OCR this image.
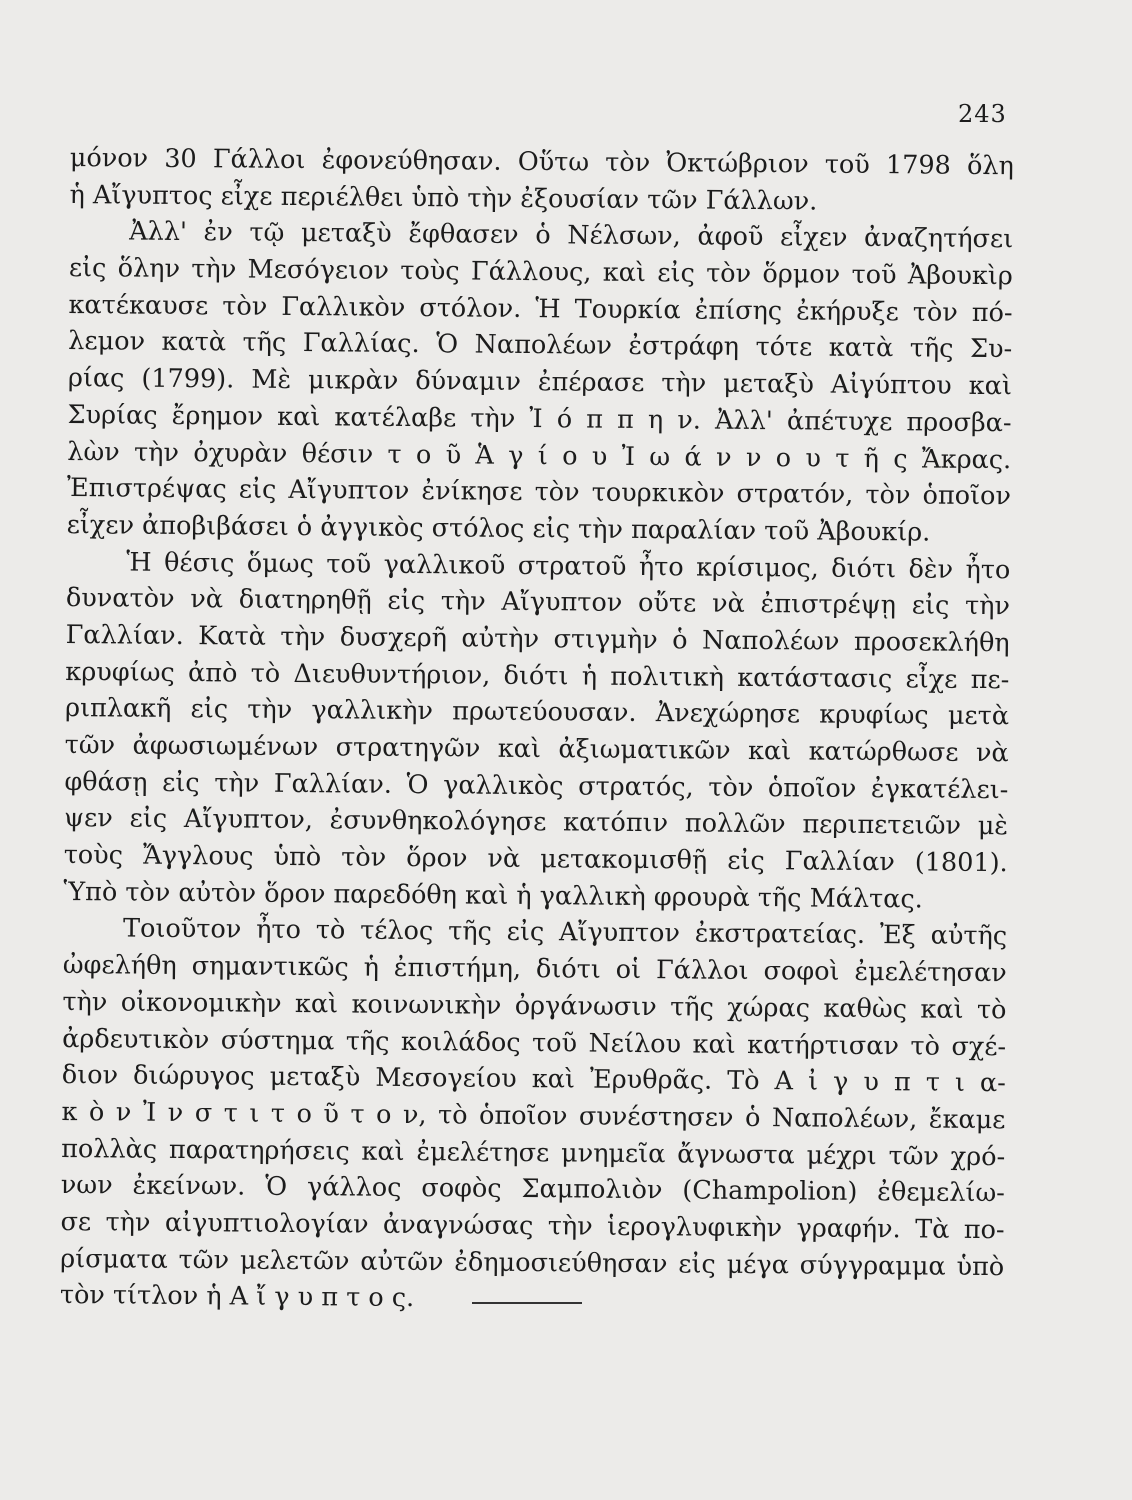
243
μόνον 30 Γάλλοι ἐφονεύθησαν. Οὕτω τὸν Ὀκτώβριον τοῦ 1798 ὅλη
ἡ Αἴγυπτος εἶχε περιέλθει ὑπὸ τὴν ἐξουσίαν τῶν Γάλλων.
Ἀλλ' ἐν τῷ μεταξὺ ἔφθασεν ὁ Νέλσων, ἀφοῦ εἶχεν ἀναζητήσει
εἰς ὅλην τὴν Μεσόγειον τοὺς Γάλλους, καὶ εἰς τὸν ὅρμον τοῦ Ἀβουκὶρ
κατέκαυσε τὸν Γαλλικὸν στόλον. Ἡ Τουρκία ἐπίσης ἐκήρυξε τὸν πό-
λεμον κατὰ τῆς Γαλλίας. Ὁ Ναπολέων ἐστράφη τότε κατὰ τῆς Συ-
ρίας (1799). Μὲ μικρὰν δύναμιν ἐπέρασε τὴν μεταξὺ Αἰγύπτου καὶ
Συρίας ἔρημον καὶ κατέλαβε τὴν Ἰ ό π π η ν. Ἀλλ' ἀπέτυχε προσβα-
λὼν τὴν ὀχυρὰν θέσιν τ ο ῦ Ἁ γ ί ο υ Ἰ ω ά ν ν ο υ τ ῆ ς Ἄκρας.
Ἐπιστρέψας εἰς Αἴγυπτον ἐνίκησε τὸν τουρκικὸν στρατόν, τὸν ὁποῖον
εἶχεν ἀποβιβάσει ὁ ἀγγικὸς στόλος εἰς τὴν παραλίαν τοῦ Ἀβουκίρ.
Ἡ θέσις ὅμως τοῦ γαλλικοῦ στρατοῦ ἦτο κρίσιμος, διότι δὲν ἦτο
δυνατὸν νὰ διατηρηθῇ εἰς τὴν Αἴγυπτον οὔτε νὰ ἐπιστρέψῃ εἰς τὴν
Γαλλίαν. Κατὰ τὴν δυσχερῆ αὐτὴν στιγμὴν ὁ Ναπολέων προσεκλήθη
κρυφίως ἀπὸ τὸ Διευθυντήριον, διότι ἡ πολιτικὴ κατάστασις εἶχε πε-
ριπλακῆ εἰς τὴν γαλλικὴν πρωτεύουσαν. Ἀνεχώρησε κρυφίως μετὰ
τῶν ἀφωσιωμένων στρατηγῶν καὶ ἀξιωματικῶν καὶ κατώρθωσε νὰ
φθάσῃ εἰς τὴν Γαλλίαν. Ὁ γαλλικὸς στρατός, τὸν ὁποῖον ἐγκατέλει-
ψεν εἰς Αἴγυπτον, ἐσυνθηκολόγησε κατόπιν πολλῶν περιπετειῶν μὲ
τοὺς Ἄγγλους ὑπὸ τὸν ὅρον νὰ μετακομισθῇ εἰς Γαλλίαν (1801).
Ὑπὸ τὸν αὐτὸν ὅρον παρεδόθη καὶ ἡ γαλλικὴ φρουρὰ τῆς Μάλτας.
Τοιοῦτον ἦτο τὸ τέλος τῆς εἰς Αἴγυπτον ἐκστρατείας. Ἐξ αὐτῆς
ὠφελήθη σημαντικῶς ἡ ἐπιστήμη, διότι οἱ Γάλλοι σοφοὶ ἐμελέτησαν
τὴν οἰκονομικὴν καὶ κοινωνικὴν ὀργάνωσιν τῆς χώρας καθὼς καὶ τὸ
ἀρδευτικὸν σύστημα τῆς κοιλάδος τοῦ Νείλου καὶ κατήρτισαν τὸ σχέ-
διον διώρυγος μεταξὺ Μεσογείου καὶ Ἐρυθρᾶς. Τὸ Α ἰ γ υ π τ ι α-
κ ὸ ν Ἰ ν σ τ ι τ ο ῦ τ ο ν, τὸ ὁποῖον συνέστησεν ὁ Ναπολέων, ἔκαμε
πολλὰς παρατηρήσεις καὶ ἐμελέτησε μνημεῖα ἄγνωστα μέχρι τῶν χρό-
νων ἐκείνων. Ὁ γάλλος σοφὸς Σαμπολιὸν (Champolion) ἐθεμελίω-
σε τὴν αἰγυπτιολογίαν ἀναγνώσας τὴν ἱερογλυφικὴν γραφήν. Τὰ πο-
ρίσματα τῶν μελετῶν αὐτῶν ἐδημοσιεύθησαν εἰς μέγα σύγγραμμα ὑπὸ
τὸν τίτλον ἡ Α ἴ γ υ π τ ο ς.
